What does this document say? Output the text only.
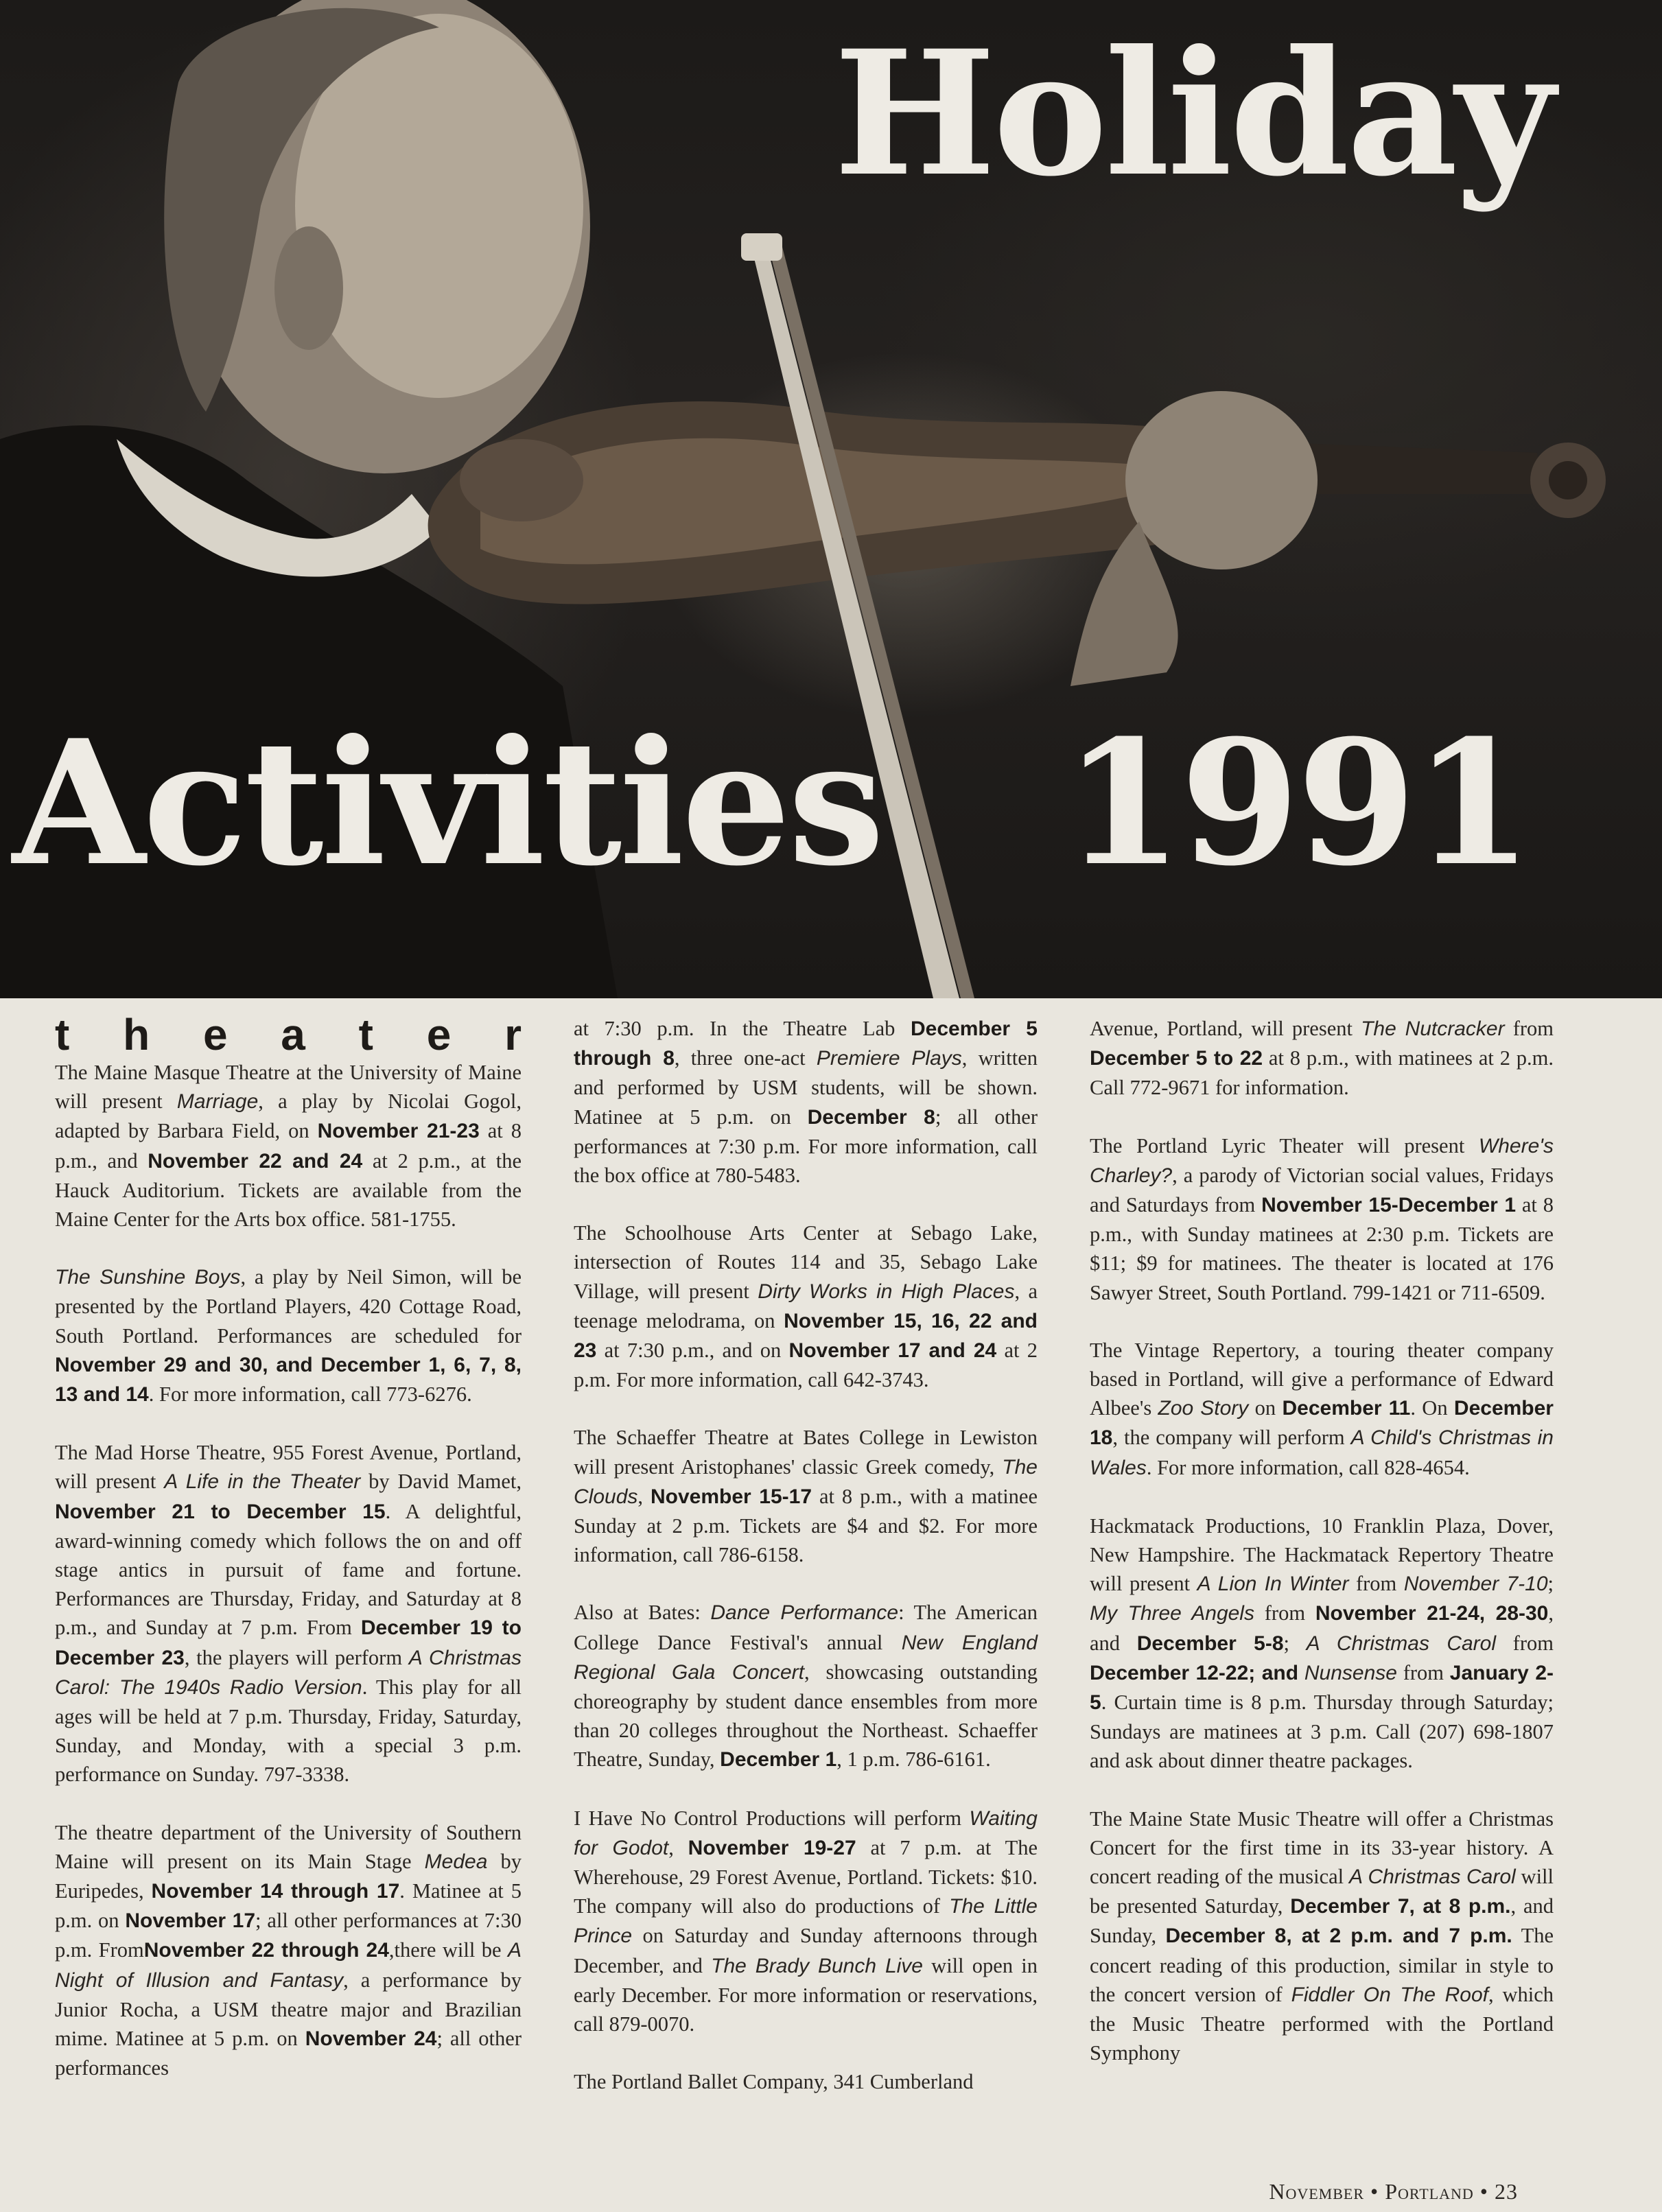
Holiday
Activities 1991
t h e a t e r

The Maine Masque Theatre at the University of Maine will present Marriage, a play by Nicolai Gogol, adapted by Barbara Field, on November 21-23 at 8 p.m., and November 22 and 24 at 2 p.m., at the Hauck Auditorium. Tickets are available from the Maine Center for the Arts box office. 581-1755.

The Sunshine Boys, a play by Neil Simon, will be presented by the Portland Players, 420 Cottage Road, South Portland. Performances are scheduled for November 29 and 30, and December 1, 6, 7, 8, 13 and 14. For more information, call 773-6276.

The Mad Horse Theatre, 955 Forest Avenue, Portland, will present A Life in the Theater by David Mamet, November 21 to December 15. A delightful, award-winning comedy which follows the on and off stage antics in pursuit of fame and fortune. Performances are Thursday, Friday, and Saturday at 8 p.m., and Sunday at 7 p.m. From December 19 to December 23, the players will perform A Christmas Carol: The 1940s Radio Version. This play for all ages will be held at 7 p.m. Thursday, Friday, Saturday, Sunday, and Monday, with a special 3 p.m. performance on Sunday. 797-3338.

The theatre department of the University of Southern Maine will present on its Main Stage Medea by Euripedes, November 14 through 17. Matinee at 5 p.m. on November 17; all other performances at 7:30 p.m. FromNovember 22 through 24,there will be A Night of Illusion and Fantasy, a performance by Junior Rocha, a USM theatre major and Brazilian mime. Matinee at 5 p.m. on November 24; all other performances

at 7:30 p.m. In the Theatre Lab December 5 through 8, three one-act Premiere Plays, written and performed by USM students, will be shown. Matinee at 5 p.m. on December 8; all other performances at 7:30 p.m. For more information, call the box office at 780-5483.

The Schoolhouse Arts Center at Sebago Lake, intersection of Routes 114 and 35, Sebago Lake Village, will present Dirty Works in High Places, a teenage melodrama, on November 15, 16, 22 and 23 at 7:30 p.m., and on November 17 and 24 at 2 p.m. For more information, call 642-3743.

The Schaeffer Theatre at Bates College in Lewiston will present Aristophanes' classic Greek comedy, The Clouds, November 15-17 at 8 p.m., with a matinee Sunday at 2 p.m. Tickets are $4 and $2. For more information, call 786-6158.

Also at Bates: Dance Performance: The American College Dance Festival's annual New England Regional Gala Concert, showcasing outstanding choreography by student dance ensembles from more than 20 colleges throughout the Northeast. Schaeffer Theatre, Sunday, December 1, 1 p.m. 786-6161.

I Have No Control Productions will perform Waiting for Godot, November 19-27 at 7 p.m. at The Wherehouse, 29 Forest Avenue, Portland. Tickets: $10. The company will also do productions of The Little Prince on Saturday and Sunday afternoons through December, and The Brady Bunch Live will open in early December. For more information or reservations, call 879-0070.

The Portland Ballet Company, 341 Cumberland

Avenue, Portland, will present The Nutcracker from December 5 to 22 at 8 p.m., with matinees at 2 p.m. Call 772-9671 for information.

The Portland Lyric Theater will present Where's Charley?, a parody of Victorian social values, Fridays and Saturdays from November 15-December 1 at 8 p.m., with Sunday matinees at 2:30 p.m. Tickets are $11; $9 for matinees. The theater is located at 176 Sawyer Street, South Portland. 799-1421 or 711-6509.

The Vintage Repertory, a touring theater company based in Portland, will give a performance of Edward Albee's Zoo Story on December 11. On December 18, the company will perform A Child's Christmas in Wales. For more information, call 828-4654.

Hackmatack Productions, 10 Franklin Plaza, Dover, New Hampshire. The Hackmatack Repertory Theatre will present A Lion In Winter from November 7-10; My Three Angels from November 21-24, 28-30, and December 5-8; A Christmas Carol from December 12-22; and Nunsense from January 2-5. Curtain time is 8 p.m. Thursday through Saturday; Sundays are matinees at 3 p.m. Call (207) 698-1807 and ask about dinner theatre packages.

The Maine State Music Theatre will offer a Christmas Concert for the first time in its 33-year history. A concert reading of the musical A Christmas Carol will be presented Saturday, December 7, at 8 p.m., and Sunday, December 8, at 2 p.m. and 7 p.m. The concert reading of this production, similar in style to the concert version of Fiddler On The Roof, which the Music Theatre performed with the Portland Symphony

November • Portland • 23
